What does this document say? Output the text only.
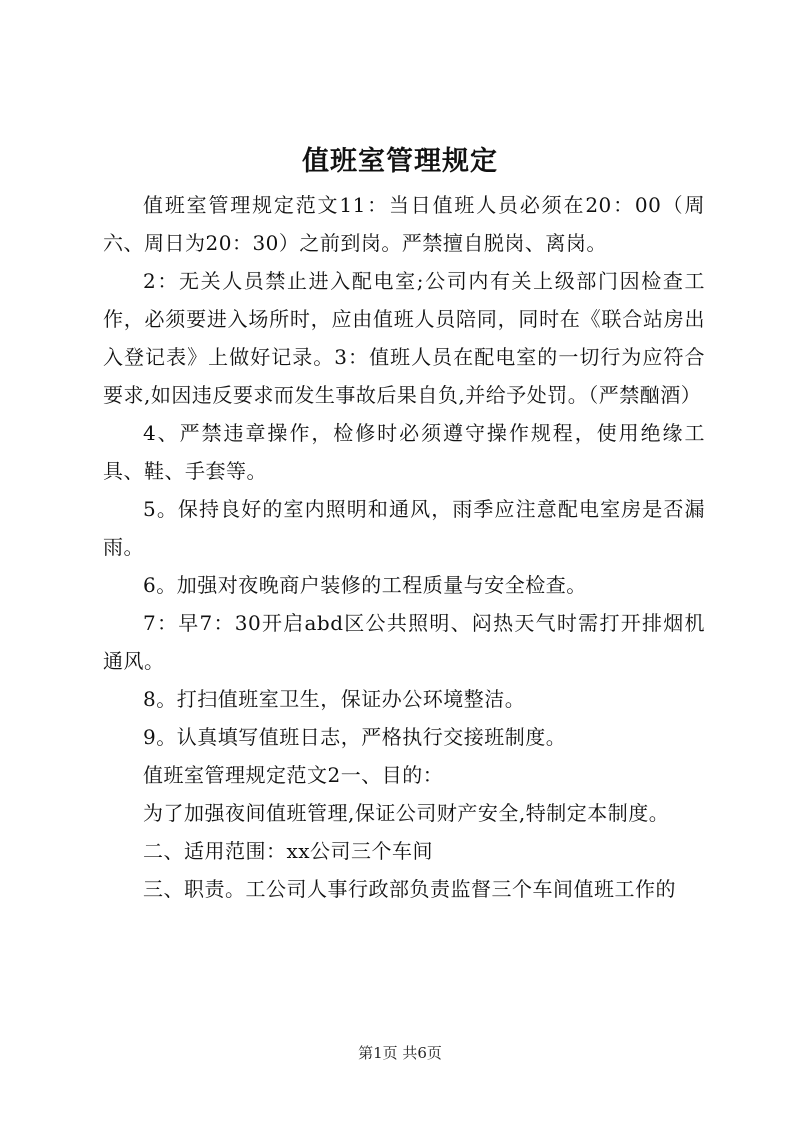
值班室管理规定

值班室管理规定范文11：当日值班人员必须在20：00（周六、周日为20：30）之前到岗。严禁擅自脱岗、离岗。

2：无关人员禁止进入配电室;公司内有关上级部门因检查工作，必须要进入场所时，应由值班人员陪同，同时在《联合站房出入登记表》上做好记录。3：值班人员在配电室的一切行为应符合要求,如因违反要求而发生事故后果自负,并给予处罚。（严禁酗酒）

4、严禁违章操作，检修时必须遵守操作规程，使用绝缘工具、鞋、手套等。

5。保持良好的室内照明和通风，雨季应注意配电室房是否漏雨。

6。加强对夜晚商户装修的工程质量与安全检查。

7：早7：30开启abd区公共照明、闷热天气时需打开排烟机通风。

8。打扫值班室卫生，保证办公环境整洁。

9。认真填写值班日志，严格执行交接班制度。

值班室管理规定范文2一、目的：

为了加强夜间值班管理,保证公司财产安全,特制定本制度。

二、适用范围：xx公司三个车间

三、职责。工公司人事行政部负责监督三个车间值班工作的

第1页 共6页
